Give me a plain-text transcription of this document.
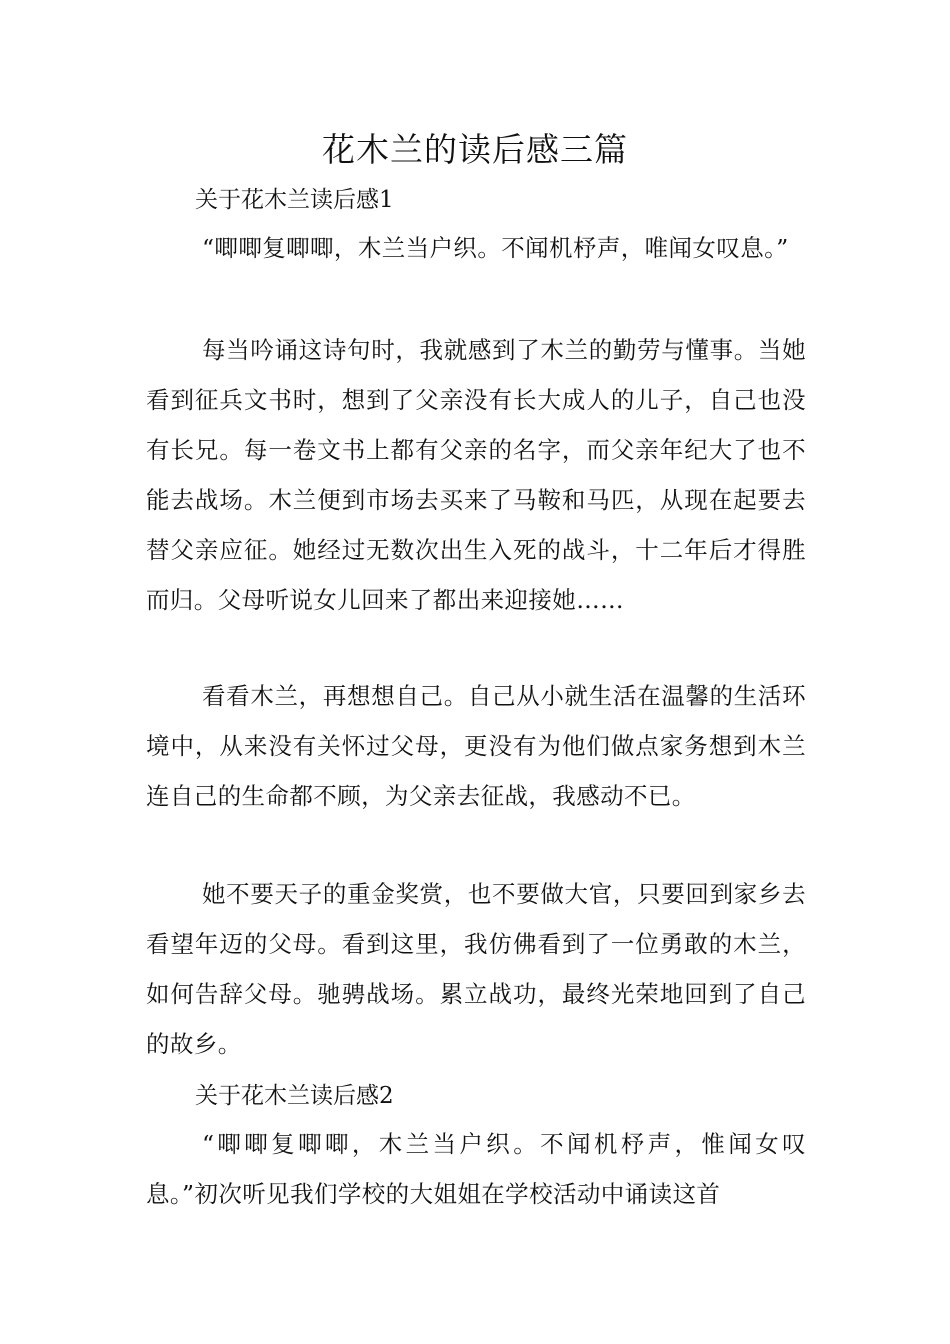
花木兰的读后感三篇
关于花木兰读后感1

“唧唧复唧唧，木兰当户织。不闻机杼声，唯闻女叹息。”

每当吟诵这诗句时，我就感到了木兰的勤劳与懂事。当她看到征兵文书时，想到了父亲没有长大成人的儿子，自己也没有长兄。每一卷文书上都有父亲的名字，而父亲年纪大了也不能去战场。木兰便到市场去买来了马鞍和马匹，从现在起要去替父亲应征。她经过无数次出生入死的战斗，十二年后才得胜而归。父母听说女儿回来了都出来迎接她……

看看木兰，再想想自己。自己从小就生活在温馨的生活环境中，从来没有关怀过父母，更没有为他们做点家务想到木兰连自己的生命都不顾，为父亲去征战，我感动不已。

她不要天子的重金奖赏，也不要做大官，只要回到家乡去看望年迈的父母。看到这里，我仿佛看到了一位勇敢的木兰，如何告辞父母。驰骋战场。累立战功，最终光荣地回到了自己的故乡。

关于花木兰读后感2

“唧唧复唧唧，木兰当户织。不闻机杼声，惟闻女叹息。”初次听见我们学校的大姐姐在学校活动中诵读这首
